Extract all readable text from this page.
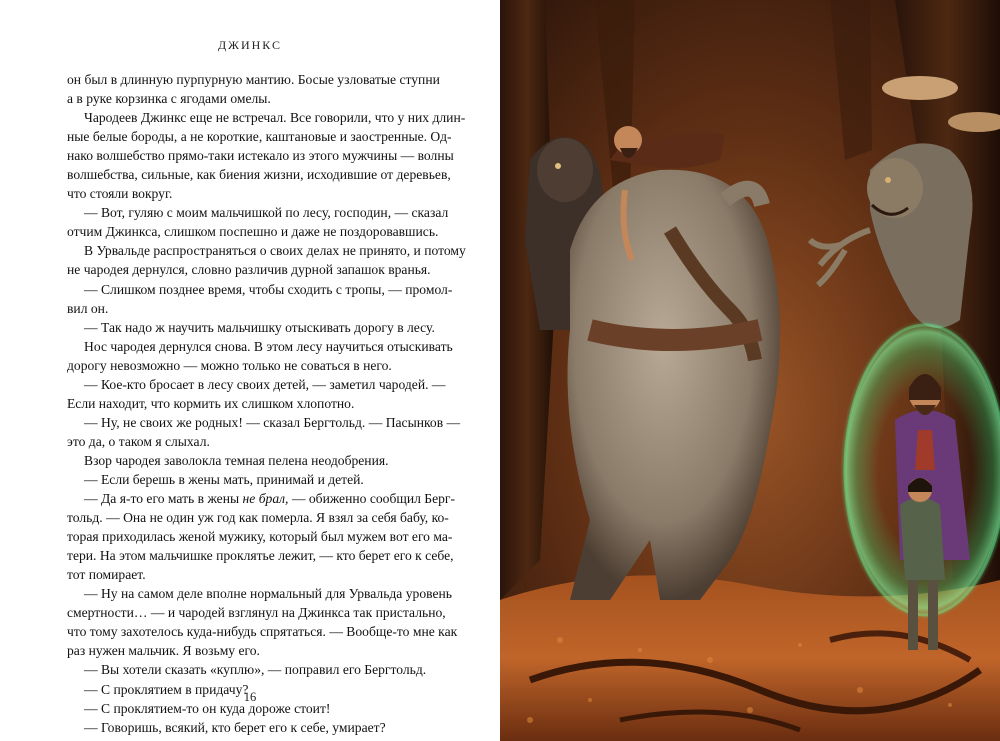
ДЖИНКС
он был в длинную пурпурную мантию. Босые узловатые ступни
а в руке корзинка с ягодами омелы.
Чародеев Джинкс еще не встречал. Все говорили, что у них длин-
ные белые бороды, а не короткие, каштановые и заостренные. Од-
нако волшебство прямо-таки истекало из этого мужчины — волны
волшебства, сильные, как биения жизни, исходившие от деревьев,
что стояли вокруг.
— Вот, гуляю с моим мальчишкой по лесу, господин, — сказал
отчим Джинкса, слишком поспешно и даже не поздоровавшись.
В Урвальде распространяться о своих делах не принято, и потому
не чародея дернулся, словно различив дурной запашок вранья.
— Слишком позднее время, чтобы сходить с тропы, — промол-
вил он.
— Так надо ж научить мальчишку отыскивать дорогу в лесу.
Нос чародея дернулся снова. В этом лесу научиться отыскивать
дорогу невозможно — можно только не соваться в него.
— Кое-кто бросает в лесу своих детей, — заметил чародей. —
Если находит, что кормить их слишком хлопотно.
— Ну, не своих же родных! — сказал Бергтольд. — Пасынков —
это да, о таком я слыхал.
Взор чародея заволокла темная пелена неодобрения.
— Если берешь в жены мать, принимай и детей.
— Да я-то его мать в жены не брал, — обиженно сообщил Берг-
тольд. — Она не один уж год как померла. Я взял за себя бабу, ко-
торая приходилась женой мужику, который был мужем вот его ма-
тери. На этом мальчишке проклятье лежит, — кто берет его к себе,
тот помирает.
— Ну на самом деле вполне нормальный для Урвальда уровень
смертности… — и чародей взглянул на Джинкса так пристально,
что тому захотелось куда-нибудь спрятаться. — Вообще-то мне как
раз нужен мальчик. Я возьму его.
— Вы хотели сказать «куплю», — поправил его Бергтольд.
— С проклятием в придачу?
— С проклятием-то он куда дороже стоит!
— Говоришь, всякий, кто берет его к себе, умирает?
16
